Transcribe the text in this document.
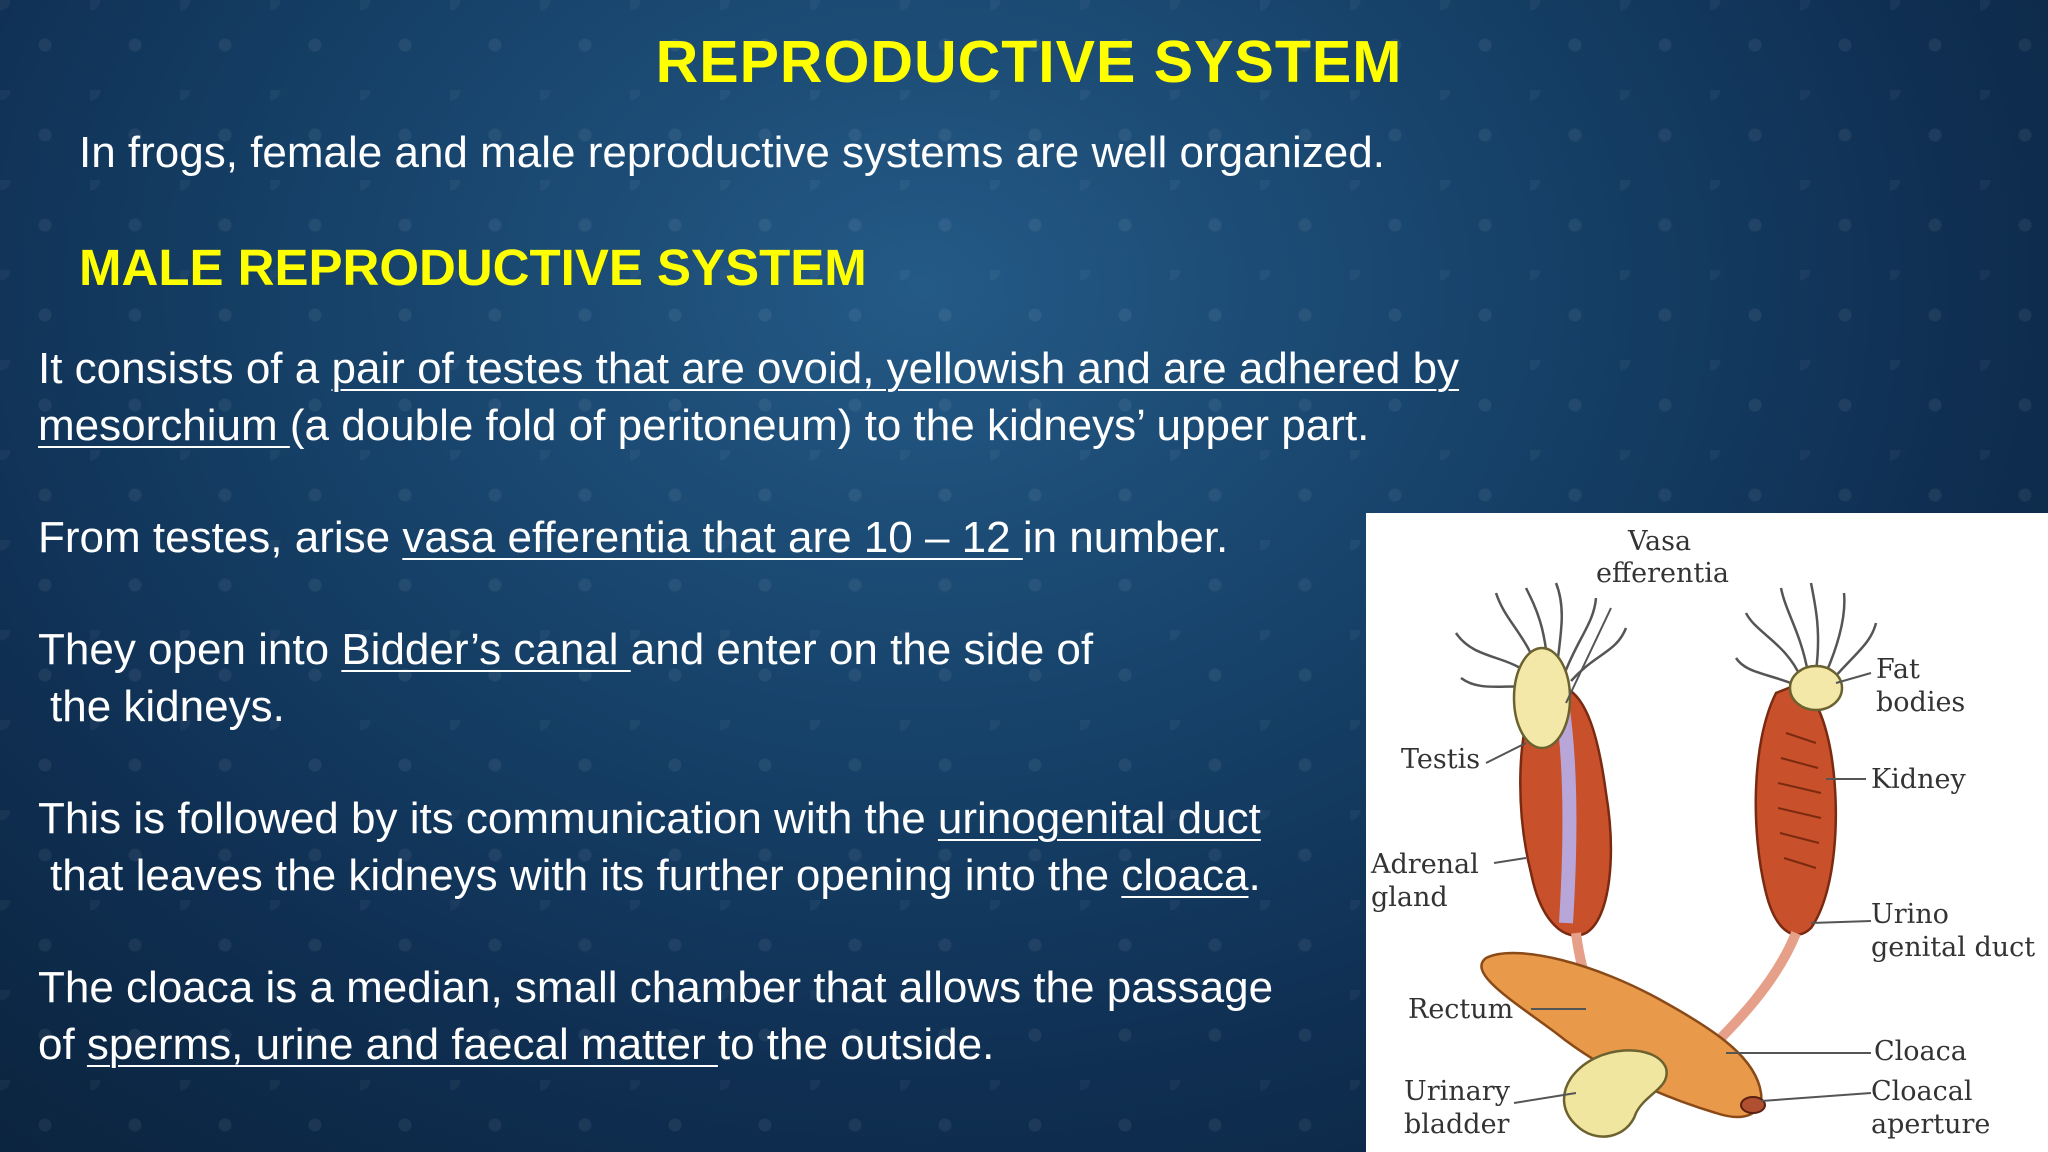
REPRODUCTIVE SYSTEM
In frogs, female and male reproductive systems are well organized.
MALE REPRODUCTIVE SYSTEM
It consists of a pair of testes that are ovoid, yellowish and are adhered by
mesorchium (a double fold of peritoneum) to the kidneys’ upper part.
From testes, arise vasa efferentia that are 10 – 12 in number.
They open into Bidder’s canal and enter on the side of
the kidneys.
This is followed by its communication with the urinogenital duct
that leaves the kidneys with its further opening into the cloaca.
The cloaca is a median, small chamber that allows the passage
of sperms, urine and faecal matter to the outside.
Vasa
efferentia
Fat
bodies
Testis
Kidney
Adrenal
gland
Urino
genital duct
Rectum
Cloaca
Urinary
bladder
Cloacal
aperture
